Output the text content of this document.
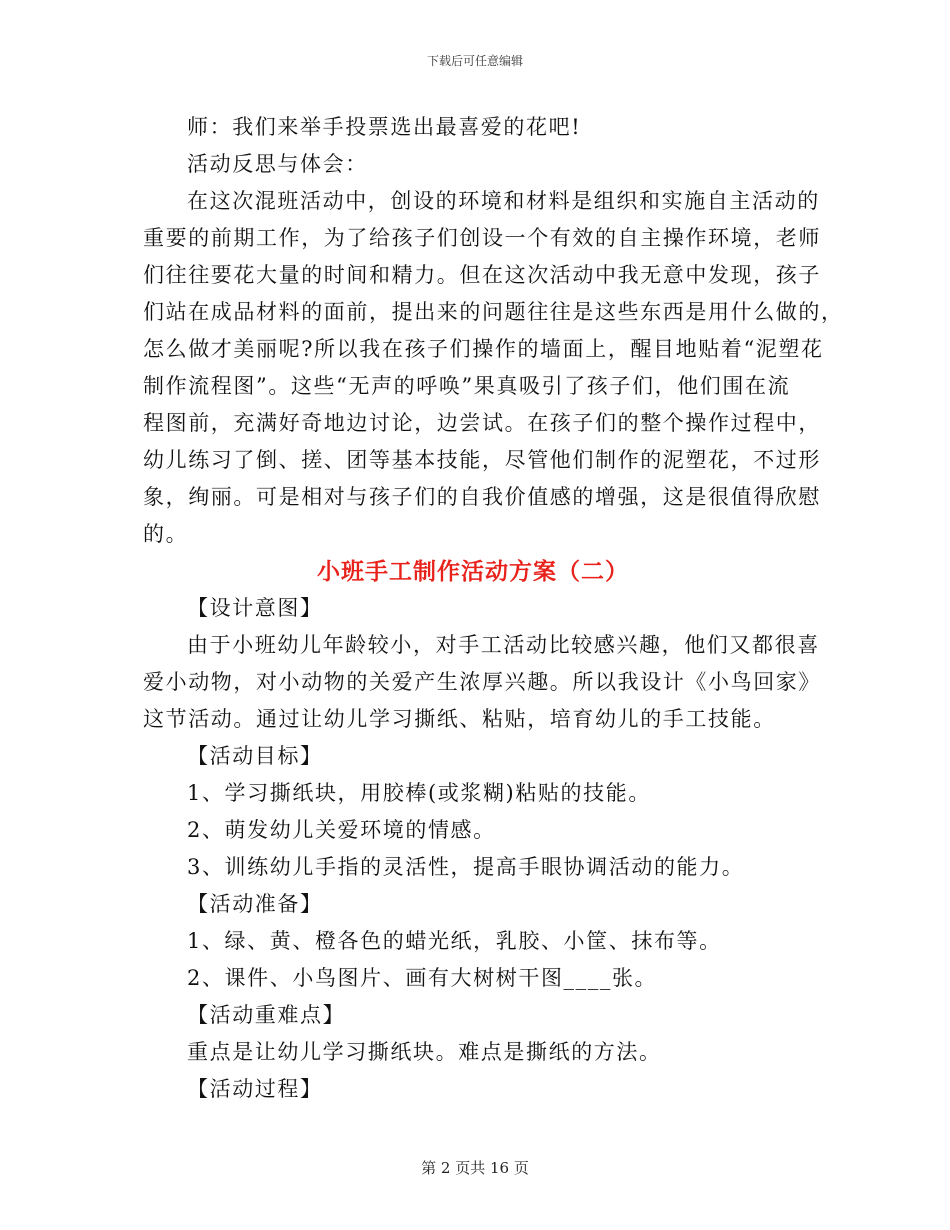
下载后可任意编辑
师：我们来举手投票选出最喜爱的花吧!
活动反思与体会：
在这次混班活动中，创设的环境和材料是组织和实施自主活动的
重要的前期工作，为了给孩子们创设一个有效的自主操作环境，老师
们往往要花大量的时间和精力。但在这次活动中我无意中发现，孩子
们站在成品材料的面前，提出来的问题往往是这些东西是用什么做的，
怎么做才美丽呢?所以我在孩子们操作的墙面上，醒目地贴着“泥塑花
制作流程图”。这些“无声的呼唤”果真吸引了孩子们，他们围在流
程图前，充满好奇地边讨论，边尝试。在孩子们的整个操作过程中，
幼儿练习了倒、搓、团等基本技能，尽管他们制作的泥塑花，不过形
象，绚丽。可是相对与孩子们的自我价值感的增强，这是很值得欣慰
的。
小班手工制作活动方案（二）
【设计意图】
由于小班幼儿年龄较小，对手工活动比较感兴趣，他们又都很喜
爱小动物，对小动物的关爱产生浓厚兴趣。所以我设计《小鸟回家》
这节活动。通过让幼儿学习撕纸、粘贴，培育幼儿的手工技能。
【活动目标】
1、学习撕纸块，用胶棒(或浆糊)粘贴的技能。
2、萌发幼儿关爱环境的情感。
3、训练幼儿手指的灵活性，提高手眼协调活动的能力。
【活动准备】
1、绿、黄、橙各色的蜡光纸，乳胶、小筐、抹布等。
2、课件、小鸟图片、画有大树树干图____张。
【活动重难点】
重点是让幼儿学习撕纸块。难点是撕纸的方法。
【活动过程】
第 2 页共 16 页
